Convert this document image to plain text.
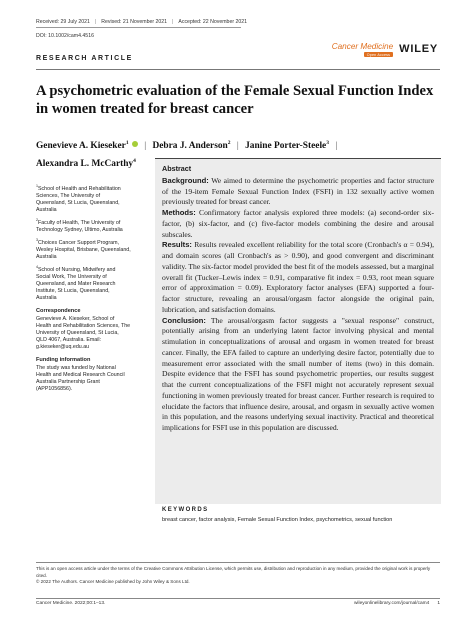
Received: 29 July 2021 | Revised: 21 November 2021 | Accepted: 22 November 2021
DOI: 10.1002/cam4.4516
Cancer Medicine
Open Access WILEY
RESEARCH ARTICLE
A psychometric evaluation of the Female Sexual Function Index in women treated for breast cancer
Genevieve A. Kieseker$^1$ | Debra J. Anderson$^2$ | Janine Porter-Steele$^3$ |
Alexandra L. McCarthy$^4$
$^1$School of Health and Rehabilitation Sciences, The University of Queensland, St Lucia, Queensland, Australia
$^2$Faculty of Health, The University of Technology Sydney, Ultimo, Australia
$^3$Choices Cancer Support Program, Wesley Hospital, Brisbane, Queensland, Australia
$^4$School of Nursing, Midwifery and Social Work, The University of Queensland, and Mater Research Institute, St Lucia, Queensland, Australia
Correspondence
Genevieve A. Kieseker, School of Health and Rehabilitation Sciences, The University of Queensland, St Lucia, QLD 4067, Australia. Email: g.kieseker@uq.edu.au
Funding information
The study was funded by National Health and Medical Research Council Australia Partnership Grant (APP1056856).
Abstract

Background: We aimed to determine the psychometric properties and factor structure of the 19-item Female Sexual Function Index (FSFI) in 132 sexually active women previously treated for breast cancer.

Methods: Confirmatory factor analysis explored three models: (a) second-order six-factor, (b) six-factor, and (c) five-factor models combining the desire and arousal subscales.

Results: Results revealed excellent reliability for the total score (Cronbach's α = 0.94), and domain scores (all Cronbach's as > 0.90), and good convergent and discriminant validity. The six-factor model provided the best fit of the models assessed, but a marginal overall fit (Tucker–Lewis index = 0.91, comparative fit index = 0.93, root mean square error of approximation = 0.09). Exploratory factor analyses (EFA) supported a four-factor structure, revealing an arousal/orgasm factor alongside the original pain, lubrication, and satisfaction domains.

Conclusion: The arousal/orgasm factor suggests a "sexual response" construct, potentially arising from an underlying latent factor involving physical and mental stimulation in conceptualizations of arousal and orgasm in women treated for breast cancer. Finally, the EFA failed to capture an underlying desire factor, potentially due to measurement error associated with the small number of items (two) in this domain. Despite evidence that the FSFI has sound psychometric properties, our results suggest that the current conceptualizations of the FSFI might not accurately represent sexual functioning in women previously treated for breast cancer. Further research is required to elucidate the factors that influence desire, arousal, and orgasm in sexually active women in this population, and the reasons underlying sexual inactivity. Practical and theoretical implications for FSFI use in this population are discussed.

KEYWORDS
breast cancer, factor analysis, Female Sexual Function Index, psychometrics, sexual function
This is an open access article under the terms of the Creative Commons Attribution License, which permits use, distribution and reproduction in any medium, provided the original work is properly cited.
© 2022 The Authors. Cancer Medicine published by John Wiley & Sons Ltd.
Cancer Medicine. 2022;00:1–13.	wileyonlinelibrary.com/journal/cam4 1
